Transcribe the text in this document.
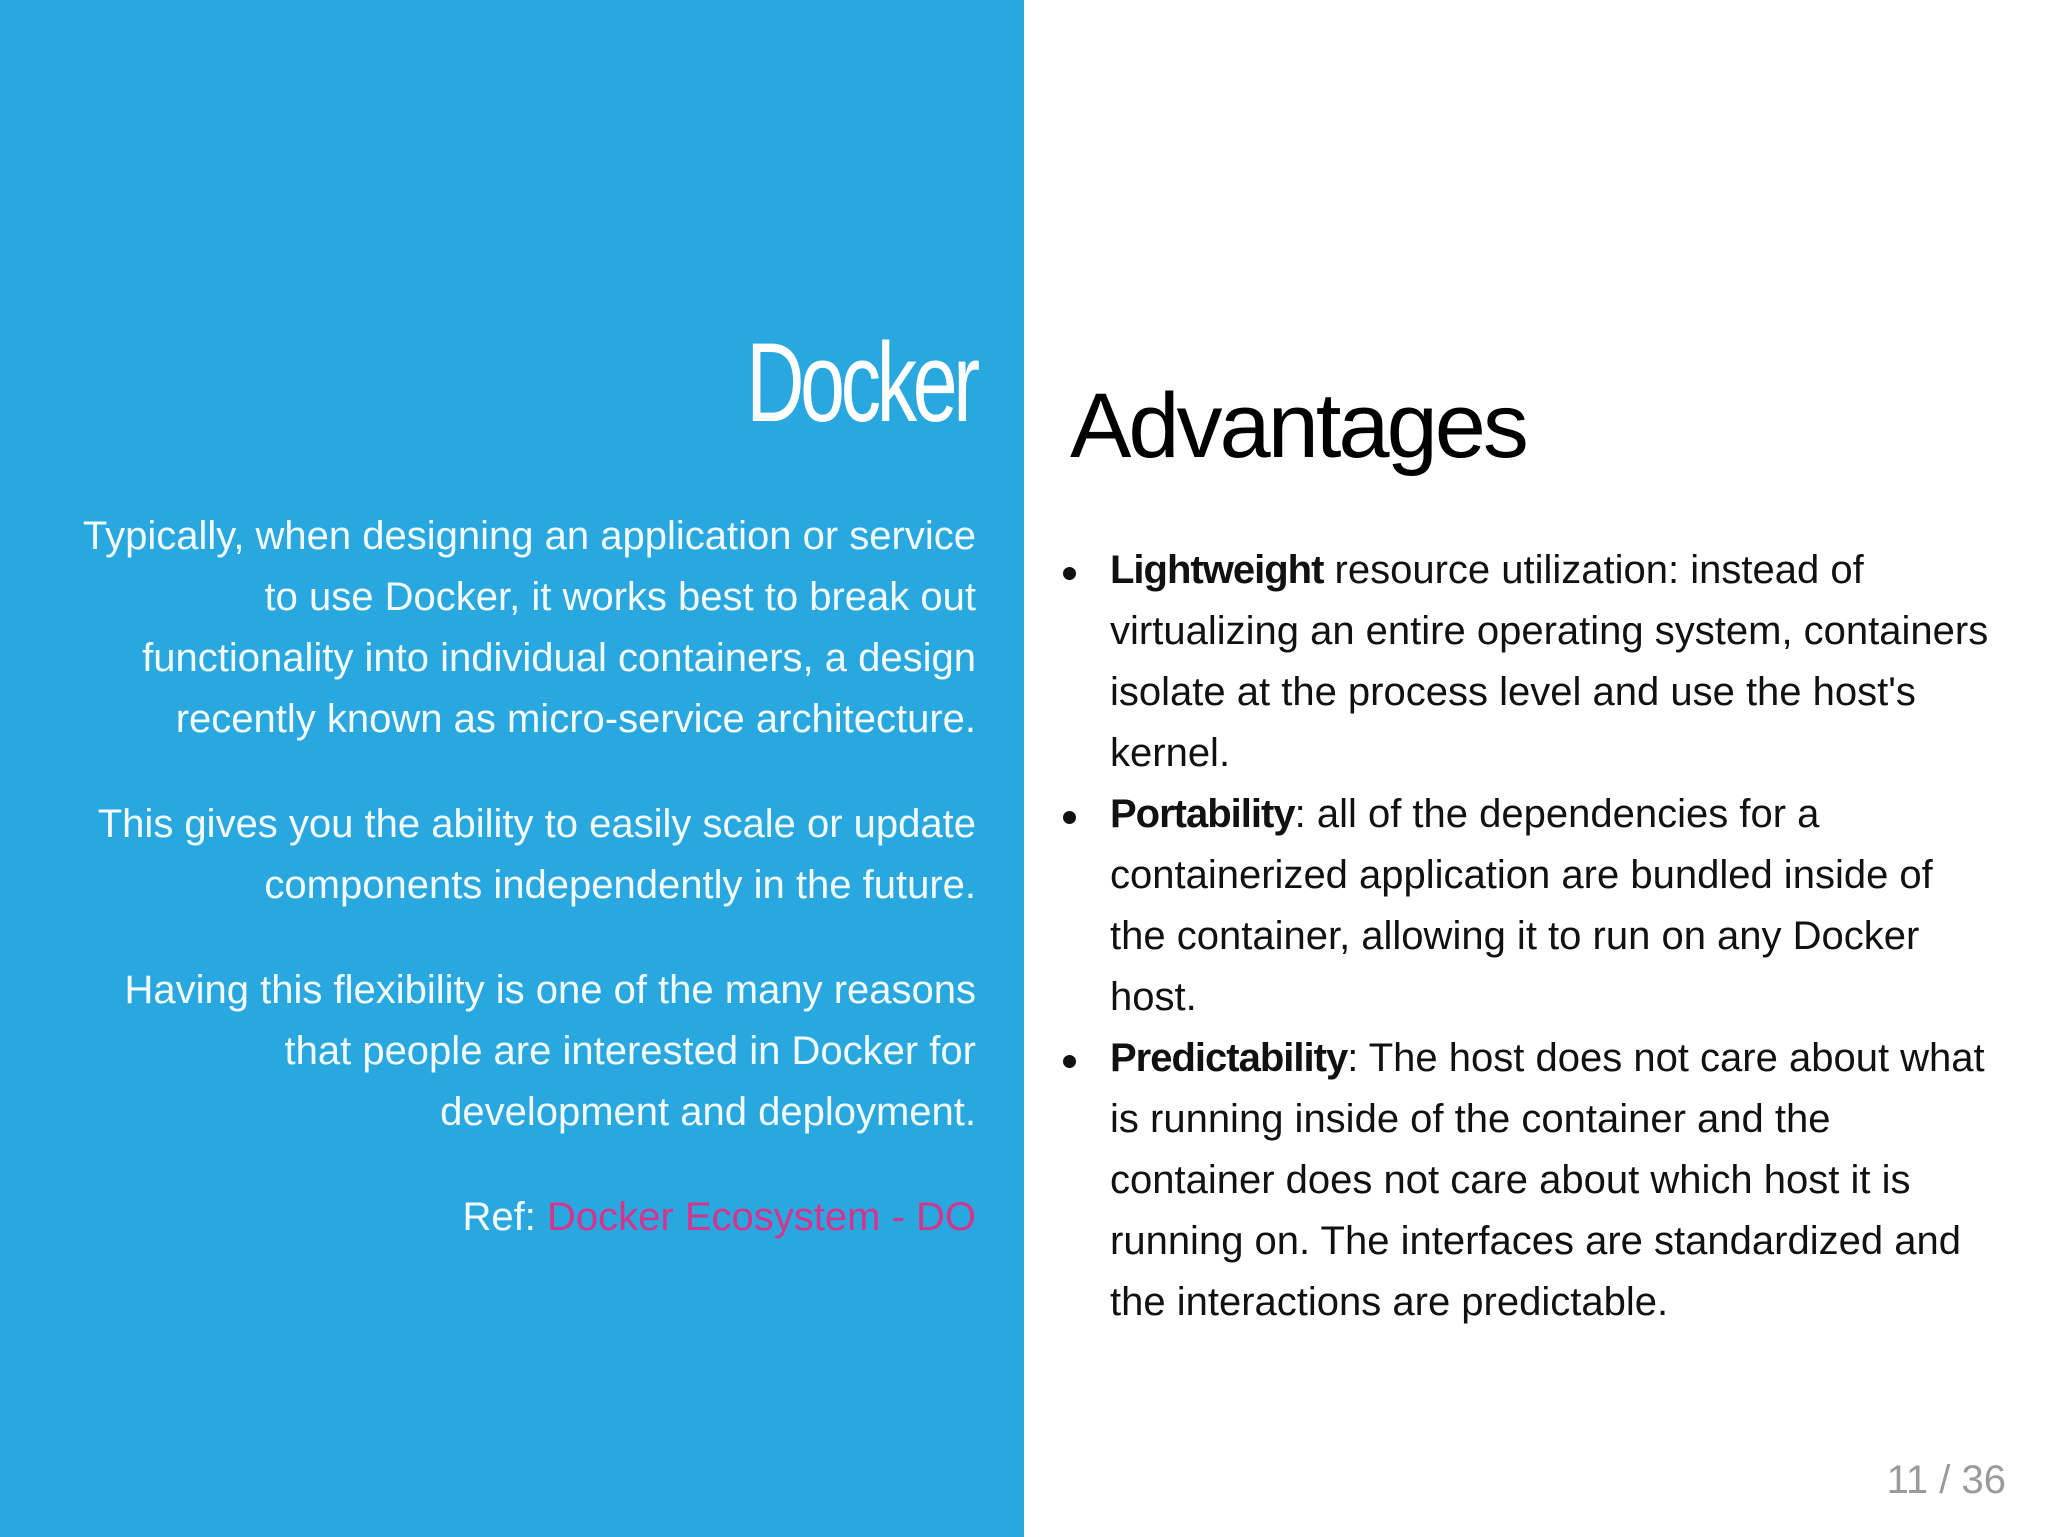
Docker

Typically, when designing an application or service to use Docker, it works best to break out functionality into individual containers, a design recently known as micro-service architecture.

This gives you the ability to easily scale or update components independently in the future.

Having this flexibility is one of the many reasons that people are interested in Docker for development and deployment.

Ref: Docker Ecosystem - DO

Advantages
Lightweight resource utilization: instead of virtualizing an entire operating system, containers isolate at the process level and use the host's kernel.
Portability: all of the dependencies for a containerized application are bundled inside of the container, allowing it to run on any Docker host.
Predictability: The host does not care about what is running inside of the container and the container does not care about which host it is running on. The interfaces are standardized and the interactions are predictable.
11 / 36
